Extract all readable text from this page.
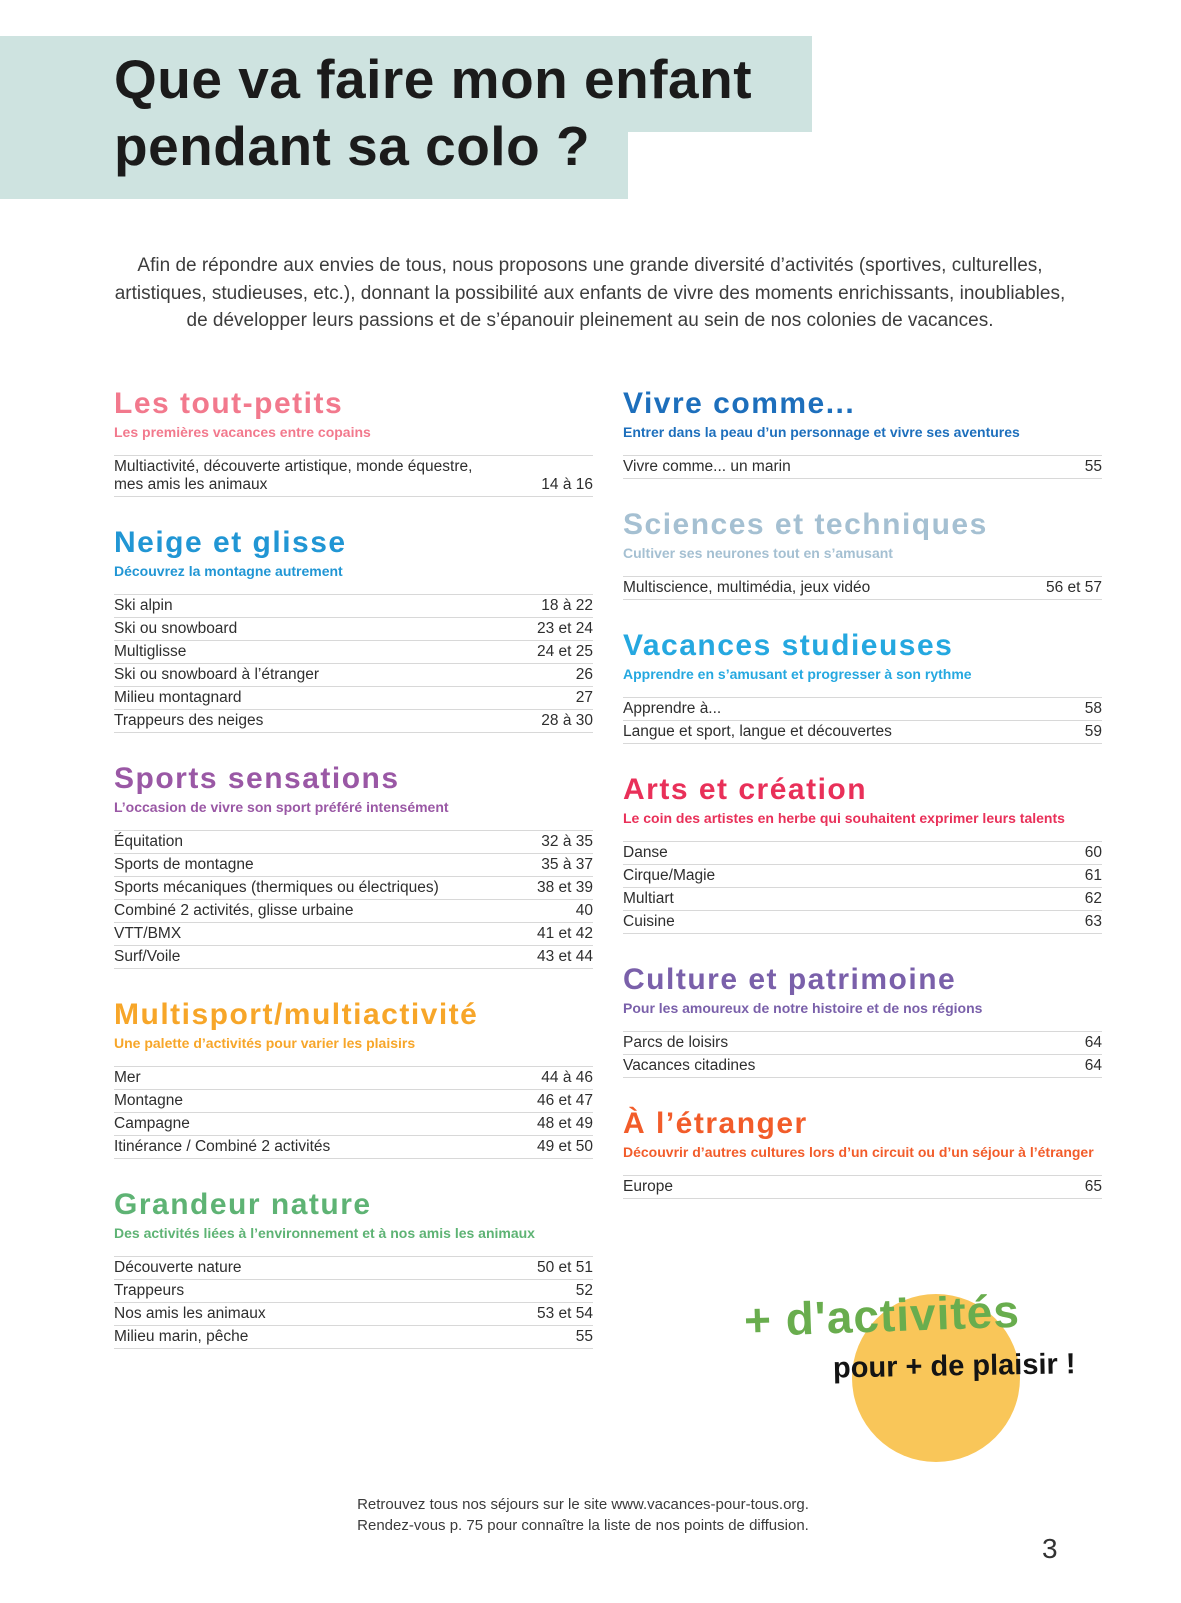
Que va faire mon enfant
pendant sa colo ?

Afin de répondre aux envies de tous, nous proposons une grande diversité d’activités (sportives, culturelles, artistiques, studieuses, etc.), donnant la possibilité aux enfants de vivre des moments enrichissants, inoubliables, de développer leurs passions et de s’épanouir pleinement au sein de nos colonies de vacances.

Les tout-petits
Les premières vacances entre copains
Multiactivité, découverte artistique, monde équestre,
mes amis les animaux	14 à 16
Neige et glisse
Découvrez la montagne autrement
Ski alpin	18 à 22
Ski ou snowboard	23 et 24
Multiglisse	24 et 25
Ski ou snowboard à l’étranger	26
Milieu montagnard	27
Trappeurs des neiges	28 à 30
Sports sensations
L’occasion de vivre son sport préféré intensément
Équitation	32 à 35
Sports de montagne	35 à 37
Sports mécaniques (thermiques ou électriques)	38 et 39
Combiné 2 activités, glisse urbaine	40
VTT/BMX	41 et 42
Surf/Voile	43 et 44
Multisport/multiactivité
Une palette d’activités pour varier les plaisirs
Mer	44 à 46
Montagne	46 et 47
Campagne	48 et 49
Itinérance / Combiné 2 activités	49 et 50
Grandeur nature
Des activités liées à l’environnement et à nos amis les animaux
Découverte nature	50 et 51
Trappeurs	52
Nos amis les animaux	53 et 54
Milieu marin, pêche	55
Vivre comme...
Entrer dans la peau d’un personnage et vivre ses aventures
Vivre comme... un marin	55
Sciences et techniques
Cultiver ses neurones tout en s’amusant
Multiscience, multimédia, jeux vidéo	56 et 57
Vacances studieuses
Apprendre en s’amusant et progresser à son rythme
Apprendre à...	58
Langue et sport, langue et découvertes	59
Arts et création
Le coin des artistes en herbe qui souhaitent exprimer leurs talents
Danse	60
Cirque/Magie	61
Multiart	62
Cuisine	63
Culture et patrimoine
Pour les amoureux de notre histoire et de nos régions
Parcs de loisirs	64
Vacances citadines	64
À l’étranger
Découvrir d’autres cultures lors d’un circuit ou d’un séjour à l’étranger
Europe	65
+ d'activités
pour + de plaisir !
Retrouvez tous nos séjours sur le site www.vacances-pour-tous.org.
Rendez-vous p. 75 pour connaître la liste de nos points de diffusion.
3
